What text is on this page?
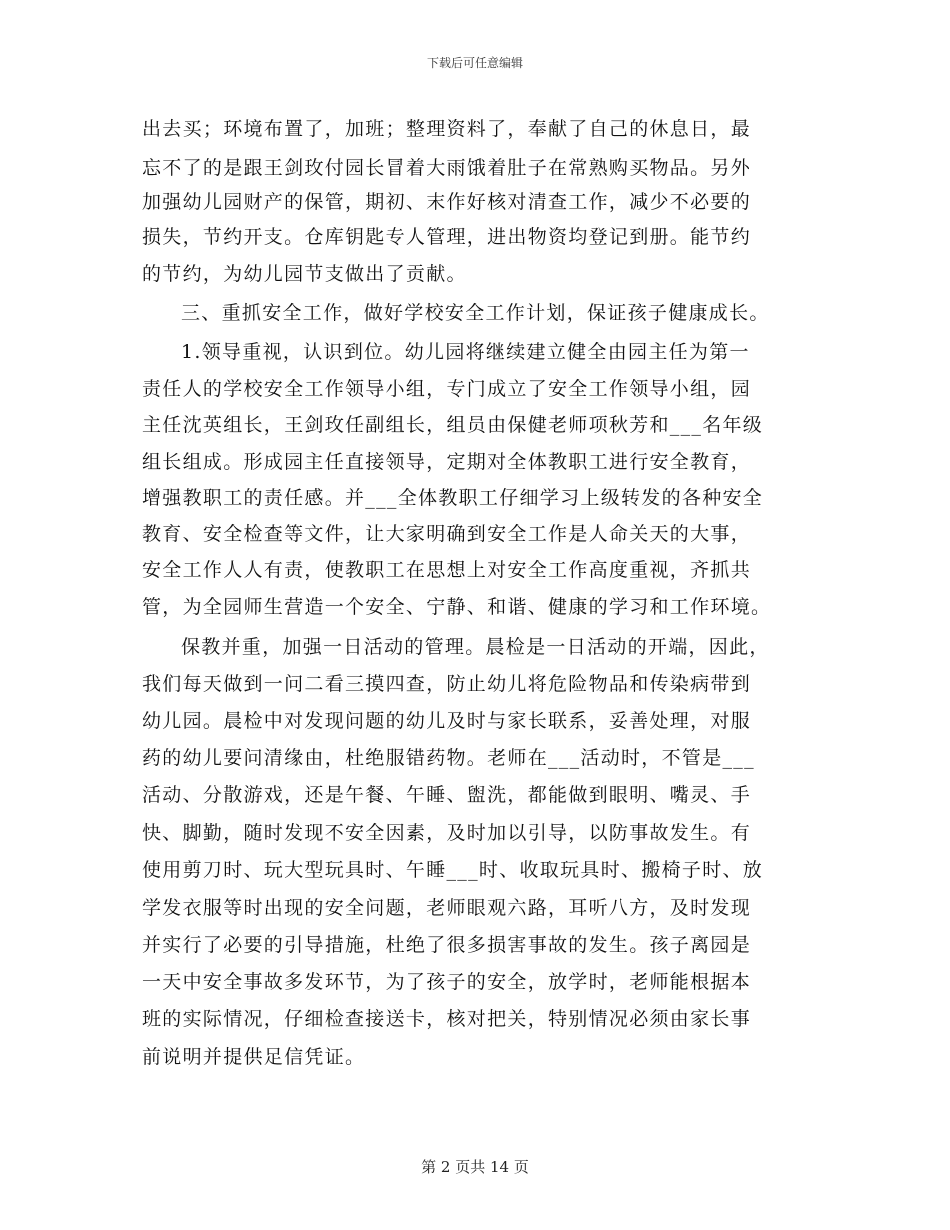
下载后可任意编辑
出去买；环境布置了，加班；整理资料了，奉献了自己的休息日，最
忘不了的是跟王剑玫付园长冒着大雨饿着肚子在常熟购买物品。另外
加强幼儿园财产的保管，期初、末作好核对清查工作，减少不必要的
损失，节约开支。仓库钥匙专人管理，进出物资均登记到册。能节约
的节约，为幼儿园节支做出了贡献。
三、重抓安全工作，做好学校安全工作计划，保证孩子健康成长。
1.领导重视，认识到位。幼儿园将继续建立健全由园主任为第一
责任人的学校安全工作领导小组，专门成立了安全工作领导小组，园
主任沈英组长，王剑玫任副组长，组员由保健老师项秋芳和___名年级
组长组成。形成园主任直接领导，定期对全体教职工进行安全教育，
增强教职工的责任感。并___全体教职工仔细学习上级转发的各种安全
教育、安全检查等文件，让大家明确到安全工作是人命关天的大事，
安全工作人人有责，使教职工在思想上对安全工作高度重视，齐抓共
管，为全园师生营造一个安全、宁静、和谐、健康的学习和工作环境。
保教并重，加强一日活动的管理。晨检是一日活动的开端，因此，
我们每天做到一问二看三摸四查，防止幼儿将危险物品和传染病带到
幼儿园。晨检中对发现问题的幼儿及时与家长联系，妥善处理，对服
药的幼儿要问清缘由，杜绝服错药物。老师在___活动时，不管是___
活动、分散游戏，还是午餐、午睡、盥洗，都能做到眼明、嘴灵、手
快、脚勤，随时发现不安全因素，及时加以引导，以防事故发生。有
使用剪刀时、玩大型玩具时、午睡___时、收取玩具时、搬椅子时、放
学发衣服等时出现的安全问题，老师眼观六路，耳听八方，及时发现
并实行了必要的引导措施，杜绝了很多损害事故的发生。孩子离园是
一天中安全事故多发环节，为了孩子的安全，放学时，老师能根据本
班的实际情况，仔细检查接送卡，核对把关，特别情况必须由家长事
前说明并提供足信凭证。
第 2 页共 14 页
